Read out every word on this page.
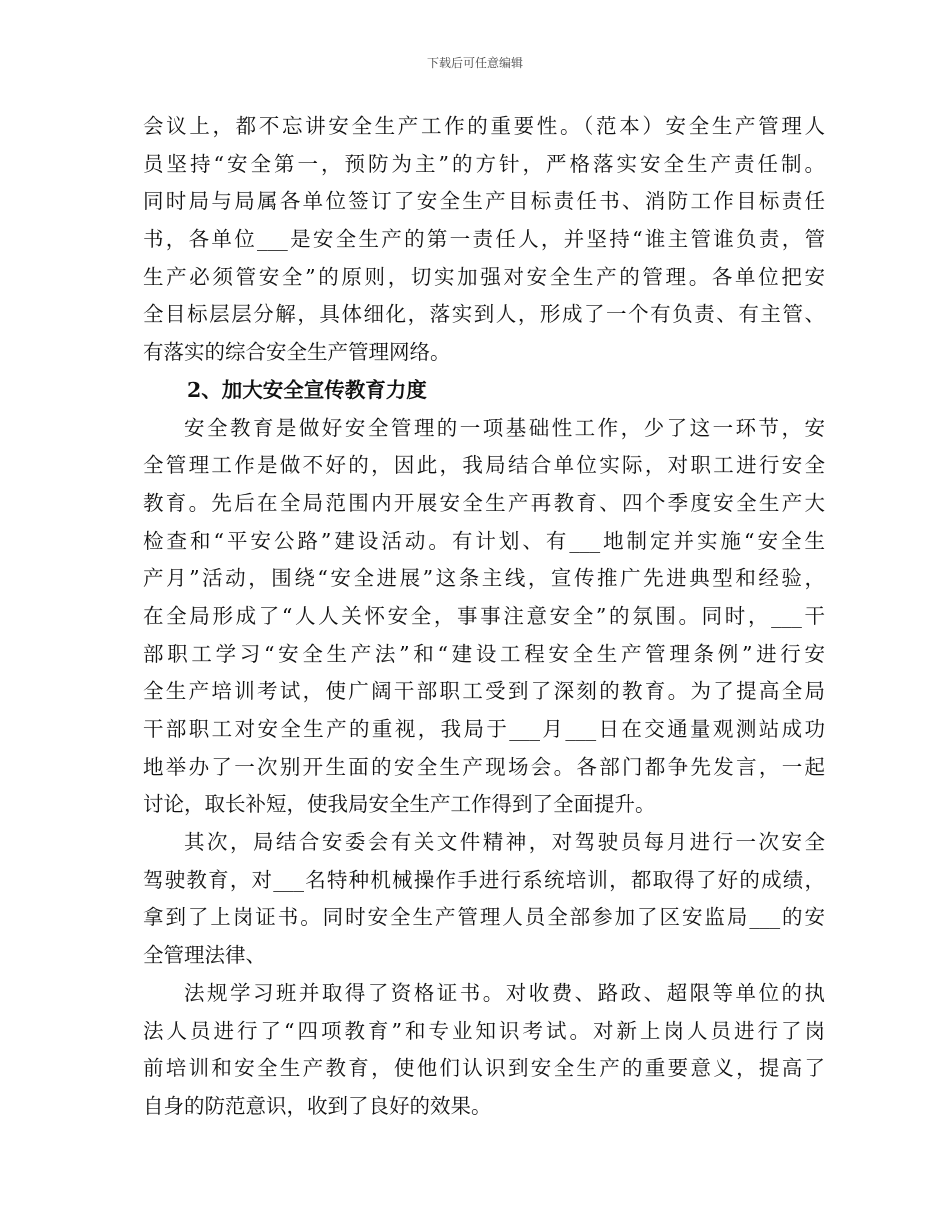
下载后可任意编辑
会议上，都不忘讲安全生产工作的重要性。（范本）安全生产管理人
员坚持“安全第一，预防为主”的方针，严格落实安全生产责任制。
同时局与局属各单位签订了安全生产目标责任书、消防工作目标责任
书，各单位___是安全生产的第一责任人，并坚持“谁主管谁负责，管
生产必须管安全”的原则，切实加强对安全生产的管理。各单位把安
全目标层层分解，具体细化，落实到人，形成了一个有负责、有主管、
有落实的综合安全生产管理网络。
2、加大安全宣传教育力度
安全教育是做好安全管理的一项基础性工作，少了这一环节，安
全管理工作是做不好的，因此，我局结合单位实际，对职工进行安全
教育。先后在全局范围内开展安全生产再教育、四个季度安全生产大
检查和“平安公路”建设活动。有计划、有___地制定并实施“安全生
产月”活动，围绕“安全进展”这条主线，宣传推广先进典型和经验，
在全局形成了“人人关怀安全，事事注意安全”的氛围。同时，___干
部职工学习“安全生产法”和“建设工程安全生产管理条例”进行安
全生产培训考试，使广阔干部职工受到了深刻的教育。为了提高全局
干部职工对安全生产的重视，我局于___月___日在交通量观测站成功
地举办了一次别开生面的安全生产现场会。各部门都争先发言，一起
讨论，取长补短，使我局安全生产工作得到了全面提升。
其次，局结合安委会有关文件精神，对驾驶员每月进行一次安全
驾驶教育，对___名特种机械操作手进行系统培训，都取得了好的成绩，
拿到了上岗证书。同时安全生产管理人员全部参加了区安监局___的安
全管理法律、
法规学习班并取得了资格证书。对收费、路政、超限等单位的执
法人员进行了“四项教育”和专业知识考试。对新上岗人员进行了岗
前培训和安全生产教育，使他们认识到安全生产的重要意义，提高了
自身的防范意识，收到了良好的效果。
